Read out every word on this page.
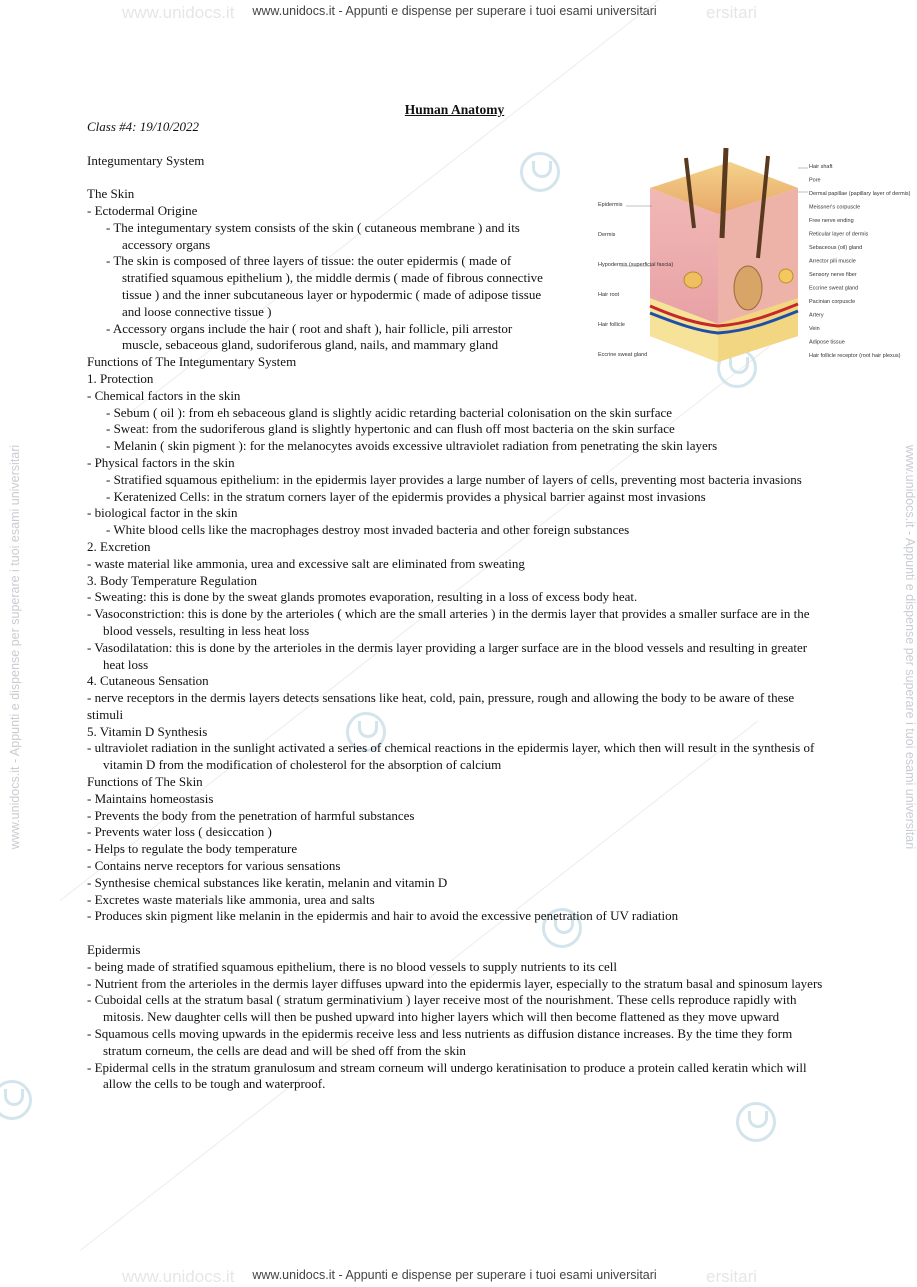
www.unidocs.it - Appunti e dispense per superare i tuoi esami universitari
www.unidocs.it - Appunti e dispense per superare i tuoi esami universitari
www.unidocs.it	ersitari
www.unidocs.it	ersitari
www.unidocs.it - Appunti e dispense per superare i tuoi esami universitari	www.unidocs.it - Appunti e dispense per superare i tuoi esami universitari
Human Anatomy
Class #4: 19/10/2022
Integumentary System
The Skin
- Ectodermal Origine
- The integumentary system consists of the skin ( cutaneous membrane ) and its accessory organs
- The skin is composed of three layers of tissue: the outer epidermis ( made of stratified squamous epithelium ), the middle dermis ( made of fibrous connective tissue ) and the inner subcutaneous layer or hypodermic ( made of adipose tissue and loose connective tissue )
- Accessory organs include the hair ( root and shaft ), hair follicle, pili arrestor muscle, sebaceous gland, sudoriferous gland, nails, and mammary gland
Functions of The Integumentary System
1. Protection
- Chemical factors in the skin
- Sebum ( oil ): from eh sebaceous gland is slightly acidic retarding bacterial colonisation on the skin surface
- Sweat: from the sudoriferous gland is slightly hypertonic and can flush off most bacteria on the skin surface
- Melanin ( skin pigment ): for the melanocytes avoids excessive ultraviolet radiation from penetrating the skin layers
- Physical factors in the skin
- Stratified squamous epithelium: in the epidermis layer provides a large number of layers of cells, preventing most bacteria invasions
- Keratenized Cells: in the stratum corners layer of the epidermis provides a physical barrier against most invasions
- biological factor in the skin
- White blood cells like the macrophages destroy most invaded bacteria and other foreign substances
2. Excretion
- waste material like ammonia, urea and excessive salt are eliminated from sweating
3. Body Temperature Regulation
- Sweating: this is done by the sweat glands promotes evaporation, resulting in a loss of excess body heat.
- Vasoconstriction: this is done by the arterioles ( which are the small arteries ) in the dermis layer that provides a smaller surface are in the blood vessels, resulting in less heat loss
- Vasodilatation: this is done by the arterioles in the dermis layer providing a larger surface are in the blood vessels and resulting in greater heat loss
4. Cutaneous Sensation
- nerve receptors in the dermis layers detects sensations like heat, cold, pain, pressure, rough and allowing the body to be aware of these stimuli
5. Vitamin D Synthesis
- ultraviolet radiation in the sunlight activated a series of chemical reactions in the epidermis layer, which then will result in the synthesis of vitamin D from the modification of cholesterol for the absorption of calcium
Functions of The Skin
- Maintains homeostasis
- Prevents the body from the penetration of harmful substances
- Prevents water loss ( desiccation )
- Helps to regulate the body temperature
- Contains nerve receptors for various sensations
- Synthesise chemical substances like keratin, melanin and vitamin D
- Excretes waste materials like ammonia, urea and salts
- Produces skin pigment like melanin in the epidermis and hair to avoid the excessive penetration of UV radiation
Epidermis
- being made of stratified squamous epithelium, there is no blood vessels to supply nutrients to its cell
- Nutrient from the arterioles in the dermis layer diffuses upward into the epidermis layer, especially to the stratum basal and spinosum layers
- Cuboidal cells at the stratum basal ( stratum germinativium ) layer receive most of the nourishment. These cells reproduce rapidly with mitosis. New daughter cells will then be pushed upward into higher layers which will then become flattened as they move upward
- Squamous cells moving upwards in the epidermis receive less and less nutrients as diffusion distance increases. By the time they form stratum corneum, the cells are dead and will be shed off from the skin
- Epidermal cells in the stratum granulosum and stream corneum will undergo keratinisation to produce a protein called keratin which will allow the cells to be tough and waterproof.
Epidermis
Dermis
Hypodermis (superficial fascia)
Hair root
Hair follicle
Eccrine sweat gland
Hair shaft
Pore
Dermal papillae (papillary layer of dermis)
Meissner's corpuscle
Free nerve ending
Reticular layer of dermis
Sebaceous (oil) gland
Arrector pili muscle
Sensory nerve fiber
Eccrine sweat gland
Pacinian corpuscle
Artery
Vein
Adipose tissue
Hair follicle receptor (root hair plexus)
